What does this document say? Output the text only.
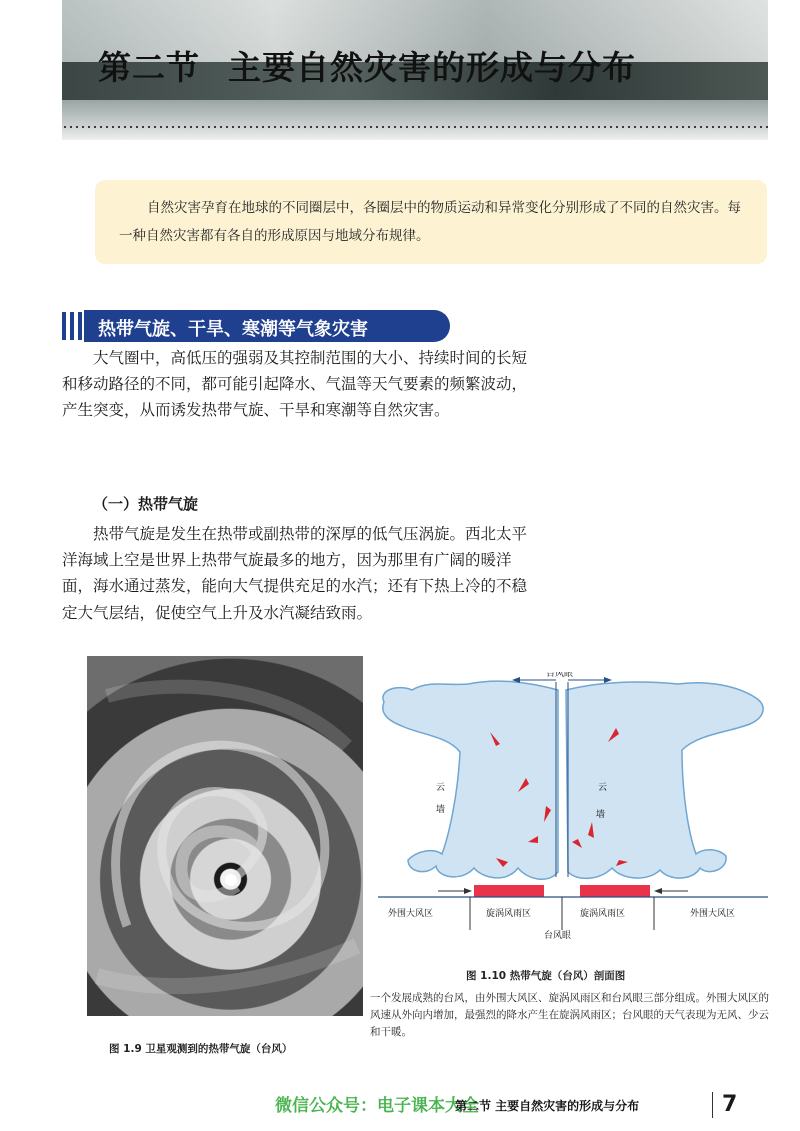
第二节 主要自然灾害的形成与分布

自然灾害孕育在地球的不同圈层中，各圈层中的物质运动和异常变化分别形成了不同的自然灾害。每一种自然灾害都有各自的形成原因与地域分布规律。

热带气旋、干旱、寒潮等气象灾害

大气圈中，高低压的强弱及其控制范围的大小、持续时间的长短和移动路径的不同，都可能引起降水、气温等天气要素的频繁波动，产生突变，从而诱发热带气旋、干旱和寒潮等自然灾害。

（一）热带气旋

热带气旋是发生在热带或副热带的深厚的低气压涡旋。西北太平洋海域上空是世界上热带气旋最多的地方，因为那里有广阔的暖洋面，海水通过蒸发，能向大气提供充足的水汽；还有下热上冷的不稳定大气层结，促使空气上升及水汽凝结致雨。

图 1.9 卫星观测到的热带气旋（台风）

台风眼
云
墙
云
墙
外围大风区	旋涡风雨区	旋涡风雨区	外围大风区
台风眼

图 1.10 热带气旋（台风）剖面图

一个发展成熟的台风，由外围大风区、旋涡风雨区和台风眼三部分组成。外围大风区的风速从外向内增加，最强烈的降水产生在旋涡风雨区；台风眼的天气表现为无风、少云和干暖。

微信公众号：电子课本大全

第二节 主要自然灾害的形成与分布	7
